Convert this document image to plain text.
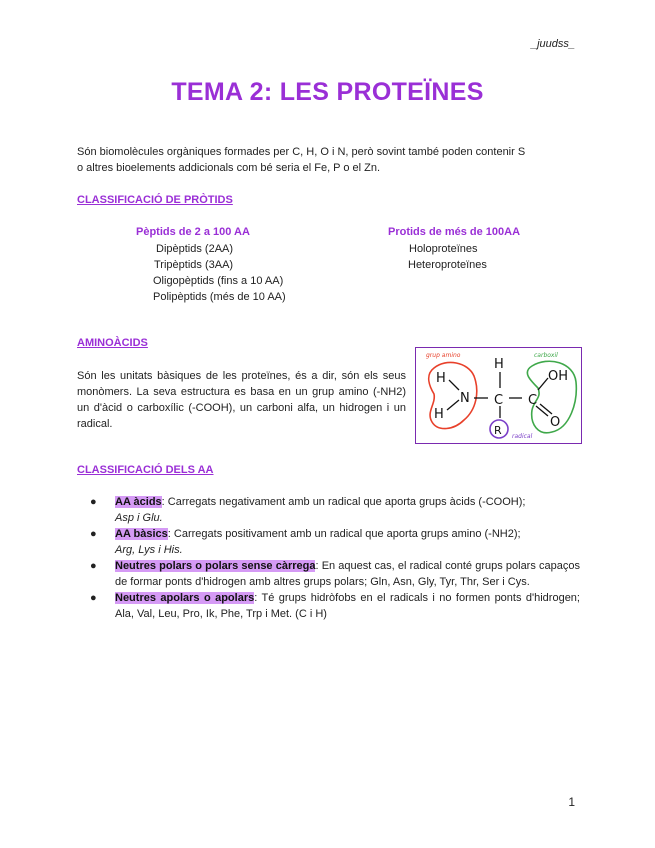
_juudss_
TEMA 2: LES PROTEÏNES
Són biomolècules orgàniques formades per C, H, O i N, però sovint també poden contenir S
o altres bioelements addicionals com bé seria el Fe, P o el Zn.
CLASSIFICACIÓ DE PRÒTIDS
Pèptids de 2 a 100 AA
Dipèptids (2AA)
Tripèptids (3AA)
Oligopèptids (fins a 10 AA)
Polipèptids (més de 10 AA)
Protids de més de 100AA
Holoproteïnes
Heteroproteïnes
AMINOÀCIDS
Són les unitats bàsiques de les proteïnes, és a dir, són els seus monòmers. La seva estructura es basa en un grup amino (-NH2) un d'àcid o carboxílic (-COOH), un carboni alfa, un hidrogen i un radical.
grup amino	carboxil
radical
H
H
N
H
C C
OH
O
R
CLASSIFICACIÓ DELS AA
● AA àcids: Carregats negativament amb un radical que aporta grups àcids (-COOH);
Asp i Glu.
● AA bàsics: Carregats positivament amb un radical que aporta grups amino (-NH2);
Arg, Lys i His.
● Neutres polars o polars sense càrrega: En aquest cas, el radical conté grups polars capaços de formar ponts d'hidrogen amb altres grups polars; Gln, Asn, Gly, Tyr, Thr, Ser i Cys.
● Neutres apolars o apolars: Té grups hidròfobs en el radicals i no formen ponts d'hidrogen; Ala, Val, Leu, Pro, Ik, Phe, Trp i Met. (C i H)
1
